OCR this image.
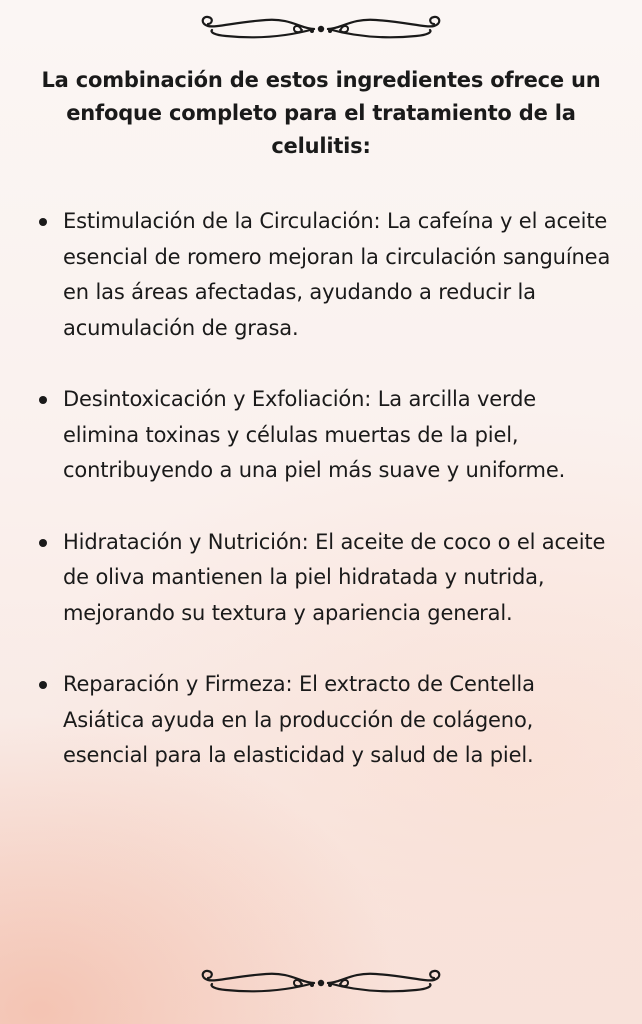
La combinación de estos ingredientes ofrece un enfoque completo para el tratamiento de la celulitis:
Estimulación de la Circulación: La cafeína y el aceite esencial de romero mejoran la circulación sanguínea en las áreas afectadas, ayudando a reducir la acumulación de grasa.
Desintoxicación y Exfoliación: La arcilla verde elimina toxinas y células muertas de la piel, contribuyendo a una piel más suave y uniforme.
Hidratación y Nutrición: El aceite de coco o el aceite de oliva mantienen la piel hidratada y nutrida, mejorando su textura y apariencia general.
Reparación y Firmeza: El extracto de Centella Asiática ayuda en la producción de colágeno, esencial para la elasticidad y salud de la piel.
